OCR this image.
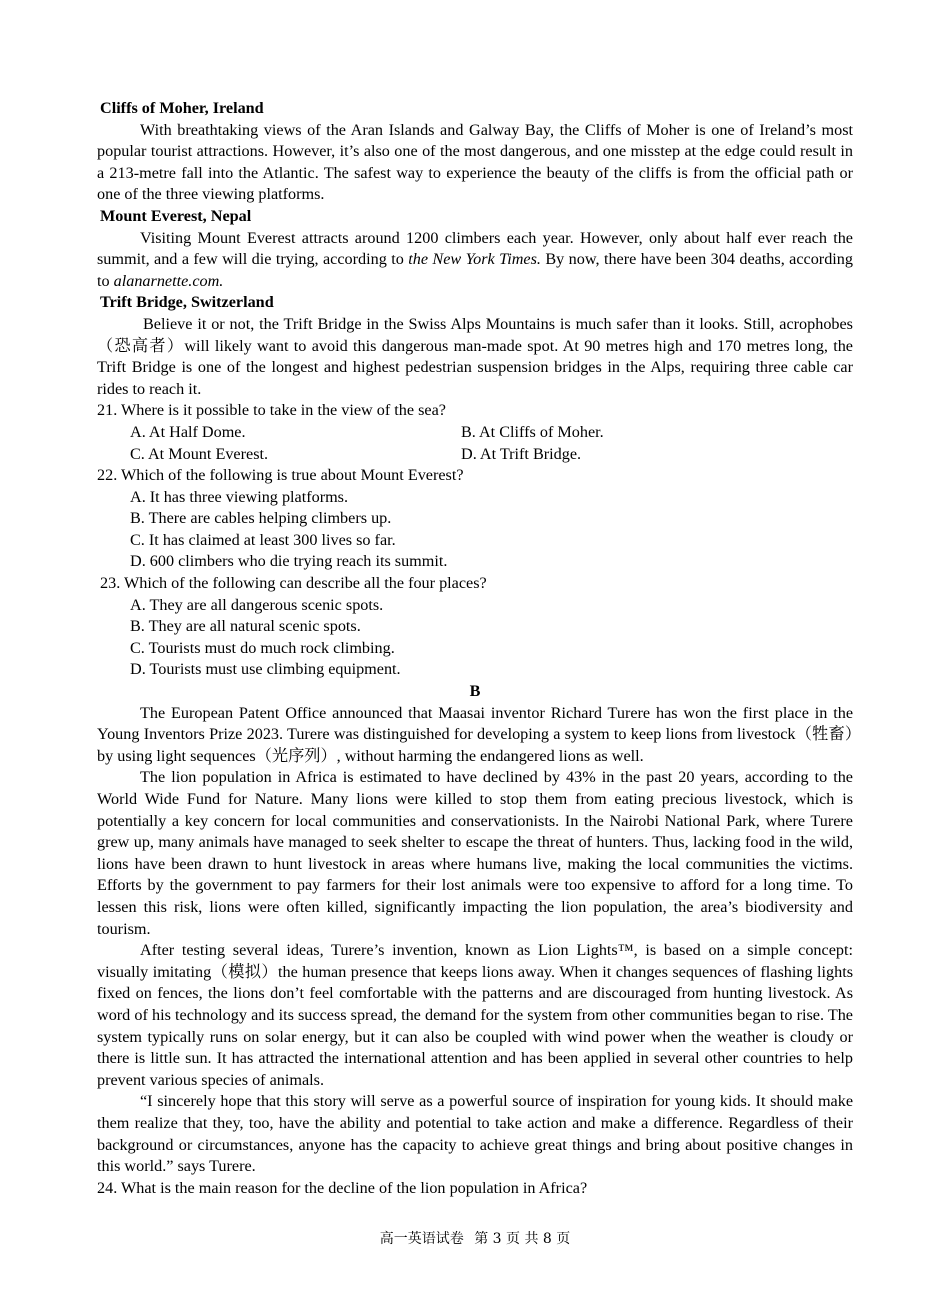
Cliffs of Moher, Ireland
With breathtaking views of the Aran Islands and Galway Bay, the Cliffs of Moher is one of Ireland’s most popular tourist attractions. However, it’s also one of the most dangerous, and one misstep at the edge could result in a 213-metre fall into the Atlantic. The safest way to experience the beauty of the cliffs is from the official path or one of the three viewing platforms.
Mount Everest, Nepal
Visiting Mount Everest attracts around 1200 climbers each year. However, only about half ever reach the summit, and a few will die trying, according to the New York Times. By now, there have been 304 deaths, according to alanarnette.com.
Trift Bridge, Switzerland
Believe it or not, the Trift Bridge in the Swiss Alps Mountains is much safer than it looks. Still, acrophobes（恐高者）will likely want to avoid this dangerous man-made spot. At 90 metres high and 170 metres long, the Trift Bridge is one of the longest and highest pedestrian suspension bridges in the Alps, requiring three cable car rides to reach it.
21. Where is it possible to take in the view of the sea?
A. At Half Dome.	B. At Cliffs of Moher.
C. At Mount Everest.	D. At Trift Bridge.
22. Which of the following is true about Mount Everest?
A. It has three viewing platforms.
B. There are cables helping climbers up.
C. It has claimed at least 300 lives so far.
D. 600 climbers who die trying reach its summit.
23. Which of the following can describe all the four places?
A. They are all dangerous scenic spots.
B. They are all natural scenic spots.
C. Tourists must do much rock climbing.
D. Tourists must use climbing equipment.
B
The European Patent Office announced that Maasai inventor Richard Turere has won the first place in the Young Inventors Prize 2023. Turere was distinguished for developing a system to keep lions from livestock（牲畜）by using light sequences（光序列）, without harming the endangered lions as well.
The lion population in Africa is estimated to have declined by 43% in the past 20 years, according to the World Wide Fund for Nature. Many lions were killed to stop them from eating precious livestock, which is potentially a key concern for local communities and conservationists. In the Nairobi National Park, where Turere grew up, many animals have managed to seek shelter to escape the threat of hunters. Thus, lacking food in the wild, lions have been drawn to hunt livestock in areas where humans live, making the local communities the victims. Efforts by the government to pay farmers for their lost animals were too expensive to afford for a long time. To lessen this risk, lions were often killed, significantly impacting the lion population, the area’s biodiversity and tourism.
After testing several ideas, Turere’s invention, known as Lion Lights™, is based on a simple concept: visually imitating（模拟）the human presence that keeps lions away. When it changes sequences of flashing lights fixed on fences, the lions don’t feel comfortable with the patterns and are discouraged from hunting livestock. As word of his technology and its success spread, the demand for the system from other communities began to rise. The system typically runs on solar energy, but it can also be coupled with wind power when the weather is cloudy or there is little sun. It has attracted the international attention and has been applied in several other countries to help prevent various species of animals.
“I sincerely hope that this story will serve as a powerful source of inspiration for young kids. It should make them realize that they, too, have the ability and potential to take action and make a difference. Regardless of their background or circumstances, anyone has the capacity to achieve great things and bring about positive changes in this world.” says Turere.
24. What is the main reason for the decline of the lion population in Africa?
高一英语试卷 第 3 页 共 8 页
